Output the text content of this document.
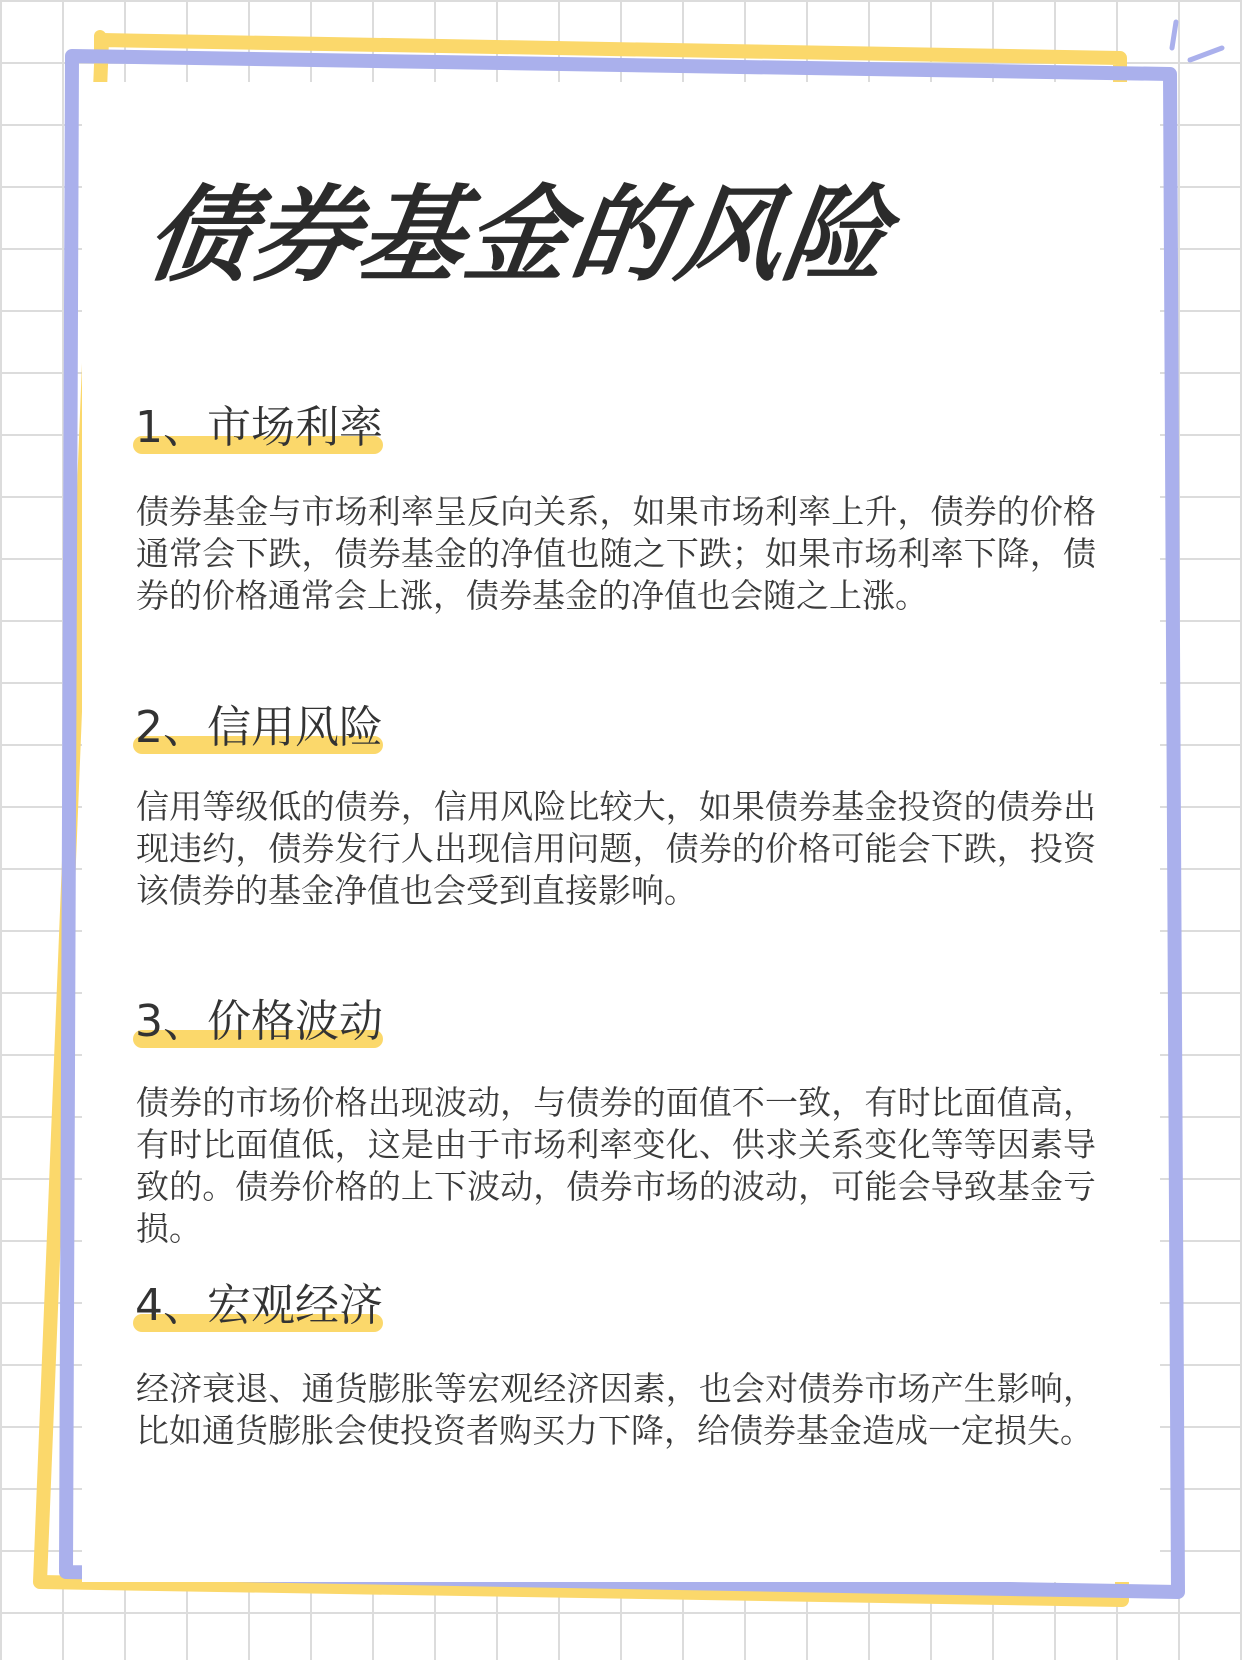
债券基金的风险
1、市场利率

债券基金与市场利率呈反向关系，如果市场利率上升，债券的价格通常会下跌，债券基金的净值也随之下跌；如果市场利率下降，债券的价格通常会上涨，债券基金的净值也会随之上涨。

2、信用风险

信用等级低的债券，信用风险比较大，如果债券基金投资的债券出现违约，债券发行人出现信用问题，债券的价格可能会下跌，投资该债券的基金净值也会受到直接影响。

3、价格波动

债券的市场价格出现波动，与债券的面值不一致，有时比面值高，有时比面值低，这是由于市场利率变化、供求关系变化等等因素导致的。债券价格的上下波动，债券市场的波动，可能会导致基金亏损。

4、宏观经济

经济衰退、通货膨胀等宏观经济因素，也会对债券市场产生影响，比如通货膨胀会使投资者购买力下降，给债券基金造成一定损失。
